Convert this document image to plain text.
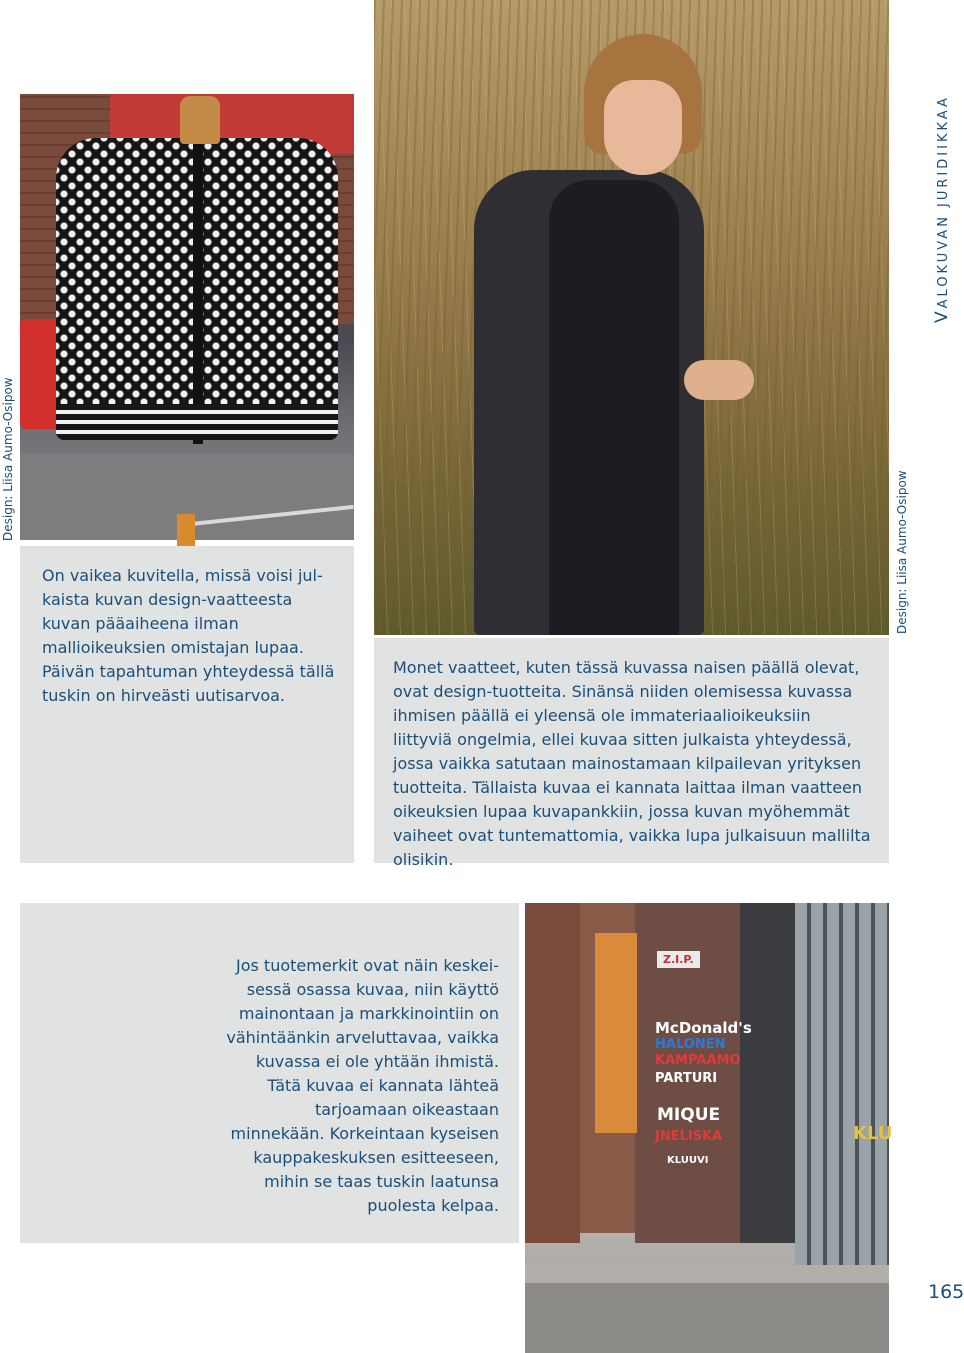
VALOKUVAN JURIDIIKKAA
Design: Liisa Aumo-Osipow
On vaikea kuvitella, missä voisi julkaista kuvan design-vaatteesta kuvan pääaiheena ilman mallioikeuksien omistajan lupaa. Päivän tapahtuman yhteydessä tällä tuskin on hirveästi uutisarvoa.
Design: Liisa Aumo-Osipow
Monet vaatteet, kuten tässä kuvassa naisen päällä olevat, ovat design-tuotteita. Sinänsä niiden olemisessa kuvassa ihmisen päällä ei yleensä ole immateriaalioikeuksiin liittyviä ongelmia, ellei kuvaa sitten julkaista yhteydessä, jossa vaikka satutaan mainostamaan kilpailevan yrityksen tuotteita. Tällaista kuvaa ei kannata laittaa ilman vaatteen oikeuksien lupaa kuvapankkiin, jossa kuvan myöhemmät vaiheet ovat tuntemattomia, vaikka lupa julkaisuun mallilta olisikin.
Jos tuotemerkit ovat näin keskeisessä osassa kuvaa, niin käyttö mainontaan ja markkinointiin on vähintäänkin arveluttavaa, vaikka kuvassa ei ole yhtään ihmistä. Tätä kuvaa ei kannata lähteä tarjoamaan oikeastaan minnekään. Korkeintaan kyseisen kauppakeskuksen esitteeseen, mihin se taas tuskin laatunsa puolesta kelpaa.
Z.I.P.
McDonald's
HALONEN
KAMPAAMO
PARTURI
MIQUE
JNELISKA
KLUUVI
KLU
165
